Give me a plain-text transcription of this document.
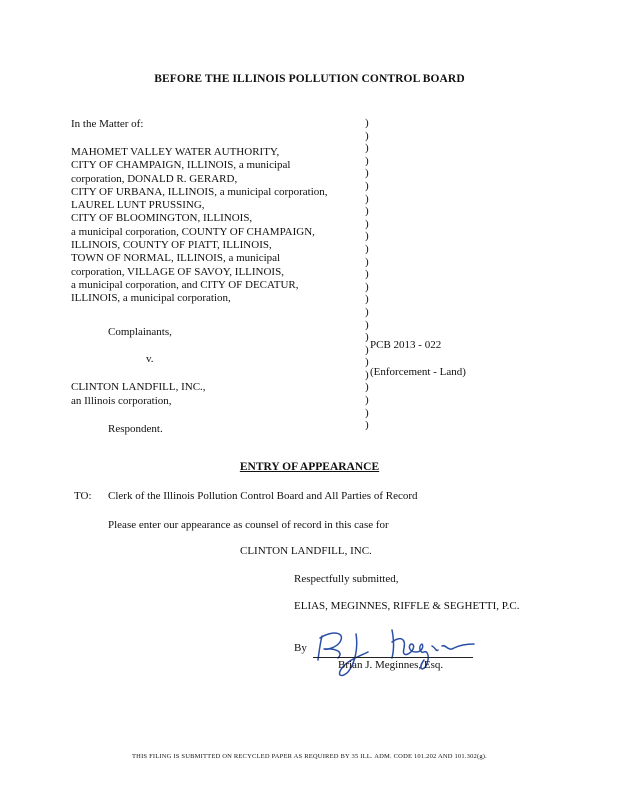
BEFORE THE ILLINOIS POLLUTION CONTROL BOARD
In the Matter of:
MAHOMET VALLEY WATER AUTHORITY,
CITY OF CHAMPAIGN, ILLINOIS, a municipal
corporation, DONALD R. GERARD,
CITY OF URBANA, ILLINOIS, a municipal corporation,
LAUREL LUNT PRUSSING,
CITY OF BLOOMINGTON, ILLINOIS,
a municipal corporation, COUNTY OF CHAMPAIGN,
ILLINOIS, COUNTY OF PIATT, ILLINOIS,
TOWN OF NORMAL, ILLINOIS, a municipal
corporation, VILLAGE OF SAVOY, ILLINOIS,
a municipal corporation, and CITY OF DECATUR,
ILLINOIS, a municipal corporation,
Complainants,
v.
CLINTON LANDFILL, INC.,
an Illinois corporation,
Respondent.
)
)
)
)
)
)
)
)
)
)
)
)
)
)
)
)
)
)
)
)
)
)
)
)
)
PCB 2013 - 022
(Enforcement - Land)
ENTRY OF APPEARANCE
TO: Clerk of the Illinois Pollution Control Board and All Parties of Record
Please enter our appearance as counsel of record in this case for
CLINTON LANDFILL, INC.
Respectfully submitted,
ELIAS, MEGINNES, RIFFLE & SEGHETTI, P.C.
By
Brian J. Meginnes, Esq.
THIS FILING IS SUBMITTED ON RECYCLED PAPER AS REQUIRED BY 35 ILL. ADM. CODE 101.202 AND 101.302(g).
